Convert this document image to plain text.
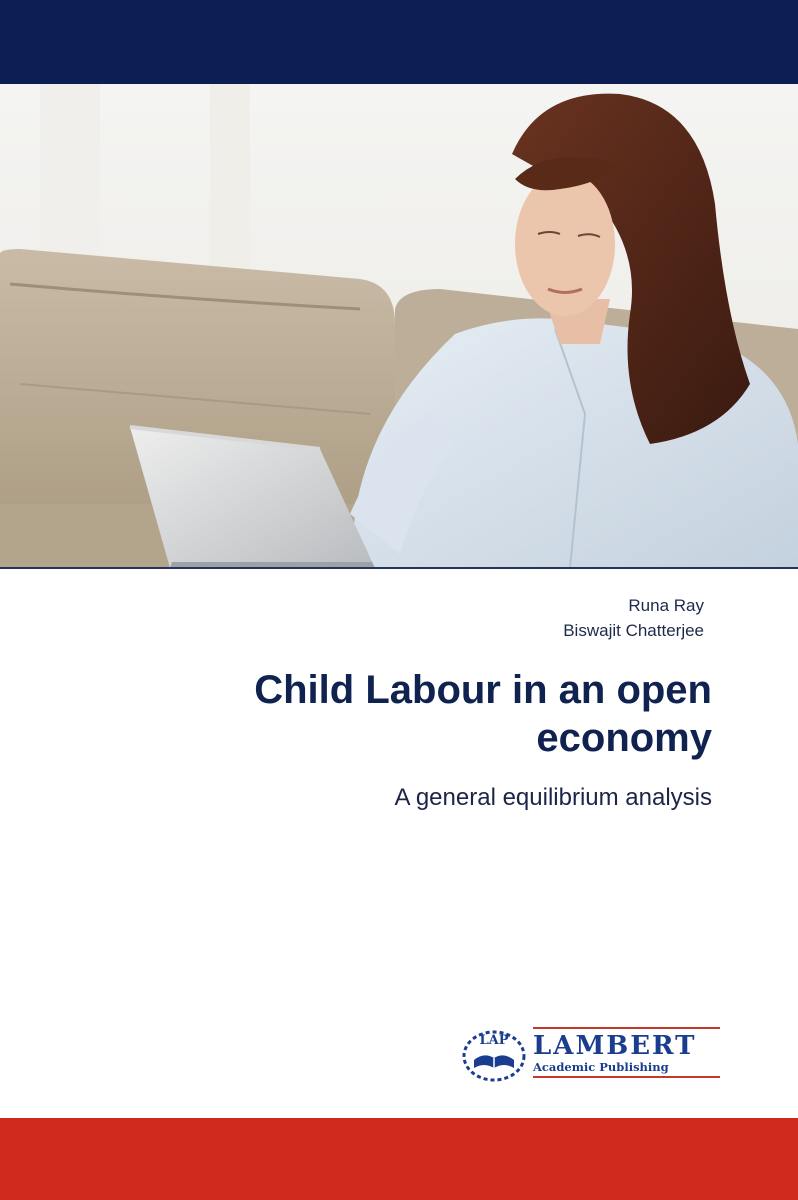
Runa Ray
Biswajit Chatterjee
Child Labour in an open economy
A general equilibrium analysis
LAP LAMBERT
Academic Publishing
